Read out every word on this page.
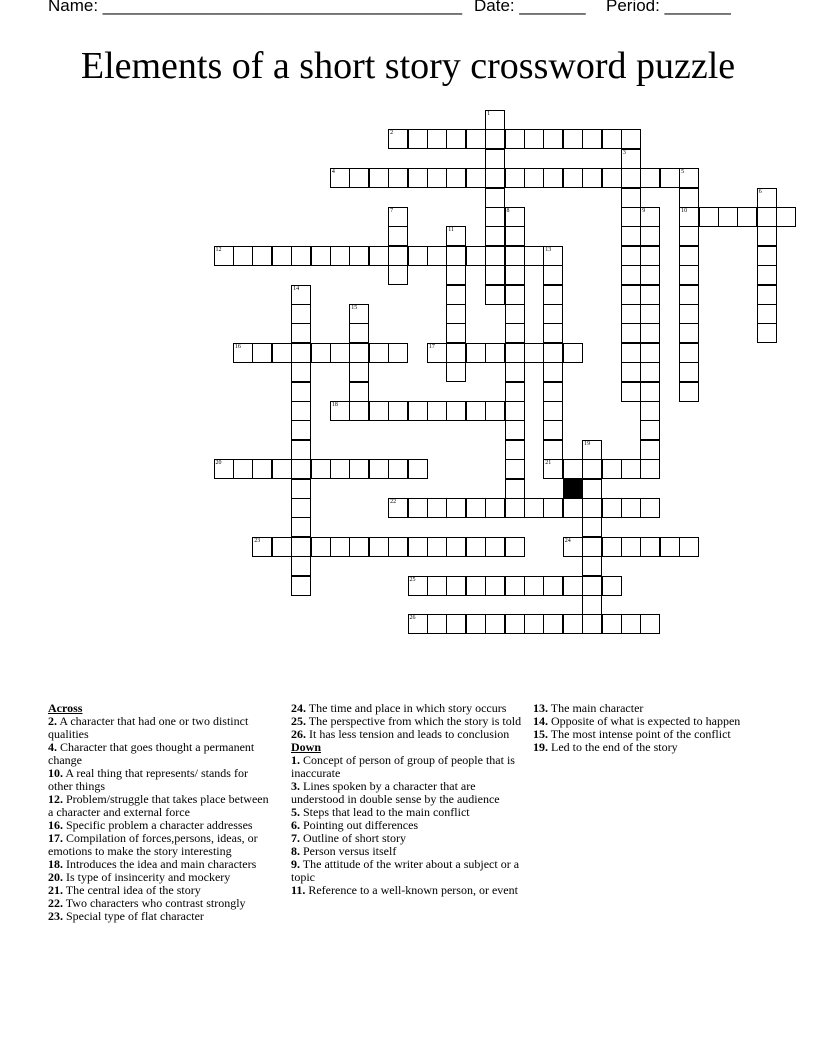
Name: ______________________________________ Date: _______ Period: _______
Elements of a short story crossword puzzle
1
2
3
4	5
10
6
7	8	9
11
12	13
21
14
15
16	17
18
19
20
22
23	24
25
26

Across

2. A character that had one or two distinct qualities

4. Character that goes thought a permanent change

10. A real thing that represents/ stands for other things

12. Problem/struggle that takes place between a character and external force

16. Specific problem a character addresses

17. Compilation of forces,persons, ideas, or emotions to make the story interesting

18. Introduces the idea and main characters

20. Is type of insincerity and mockery

21. The central idea of the story

22. Two characters who contrast strongly

23. Special type of flat character

24. The time and place in which story occurs

25. The perspective from which the story is told

26. It has less tension and leads to conclusion

Down

1. Concept of person of group of people that is inaccurate

3. Lines spoken by a character that are understood in double sense by the audience

5. Steps that lead to the main conflict

6. Pointing out differences

7. Outline of short story

8. Person versus itself

9. The attitude of the writer about a subject or a topic

11. Reference to a well-known person, or event

13. The main character

14. Opposite of what is expected to happen

15. The most intense point of the conflict

19. Led to the end of the story
